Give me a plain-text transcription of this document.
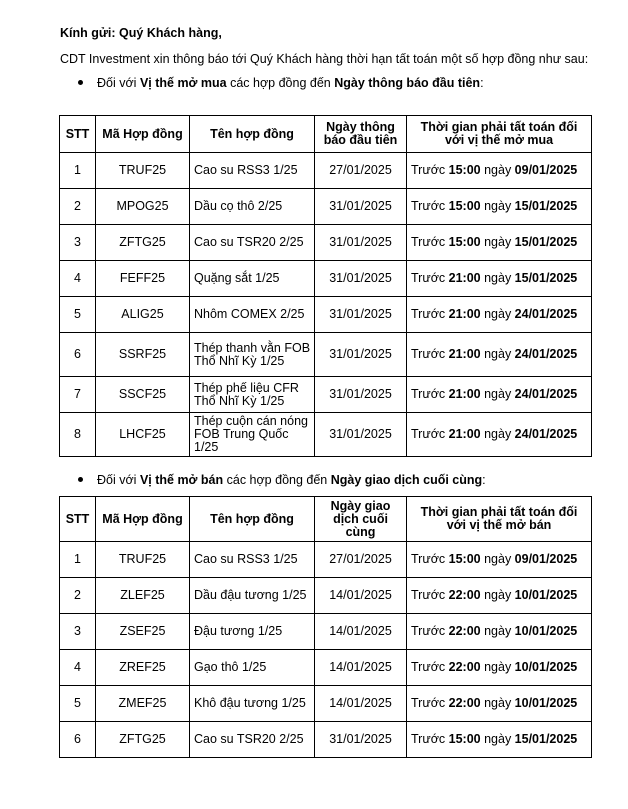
Kính gửi: Quý Khách hàng,
CDT Investment xin thông báo tới Quý Khách hàng thời hạn tất toán một số hợp đồng như sau:
Đối với Vị thế mở mua các hợp đồng đến Ngày thông báo đầu tiên:
STT	Mã Hợp đồng	Tên hợp đồng	Ngày thông báo đầu tiên	Thời gian phải tất toán đối với vị thế mở mua
1	TRUF25	Cao su RSS3 1/25	27/01/2025	Trước 15:00 ngày 09/01/2025
2	MPOG25	Dầu cọ thô 2/25	31/01/2025	Trước 15:00 ngày 15/01/2025
3	ZFTG25	Cao su TSR20 2/25	31/01/2025	Trước 15:00 ngày 15/01/2025
4	FEFF25	Quặng sắt 1/25	31/01/2025	Trước 21:00 ngày 15/01/2025
5	ALIG25	Nhôm COMEX 2/25	31/01/2025	Trước 21:00 ngày 24/01/2025
6	SSRF25	Thép thanh vằn FOB Thổ Nhĩ Kỳ 1/25	31/01/2025	Trước 21:00 ngày 24/01/2025
7	SSCF25	Thép phế liệu CFR Thổ Nhĩ Kỳ 1/25	31/01/2025	Trước 21:00 ngày 24/01/2025
8	LHCF25	Thép cuộn cán nóng FOB Trung Quốc 1/25	31/01/2025	Trước 21:00 ngày 24/01/2025
Đối với Vị thế mở bán các hợp đồng đến Ngày giao dịch cuối cùng:
STT	Mã Hợp đồng	Tên hợp đồng	Ngày giao dịch cuối cùng	Thời gian phải tất toán đối với vị thế mở bán
1	TRUF25	Cao su RSS3 1/25	27/01/2025	Trước 15:00 ngày 09/01/2025
2	ZLEF25	Dầu đậu tương 1/25	14/01/2025	Trước 22:00 ngày 10/01/2025
3	ZSEF25	Đậu tương 1/25	14/01/2025	Trước 22:00 ngày 10/01/2025
4	ZREF25	Gạo thô 1/25	14/01/2025	Trước 22:00 ngày 10/01/2025
5	ZMEF25	Khô đậu tương 1/25	14/01/2025	Trước 22:00 ngày 10/01/2025
6	ZFTG25	Cao su TSR20 2/25	31/01/2025	Trước 15:00 ngày 15/01/2025
